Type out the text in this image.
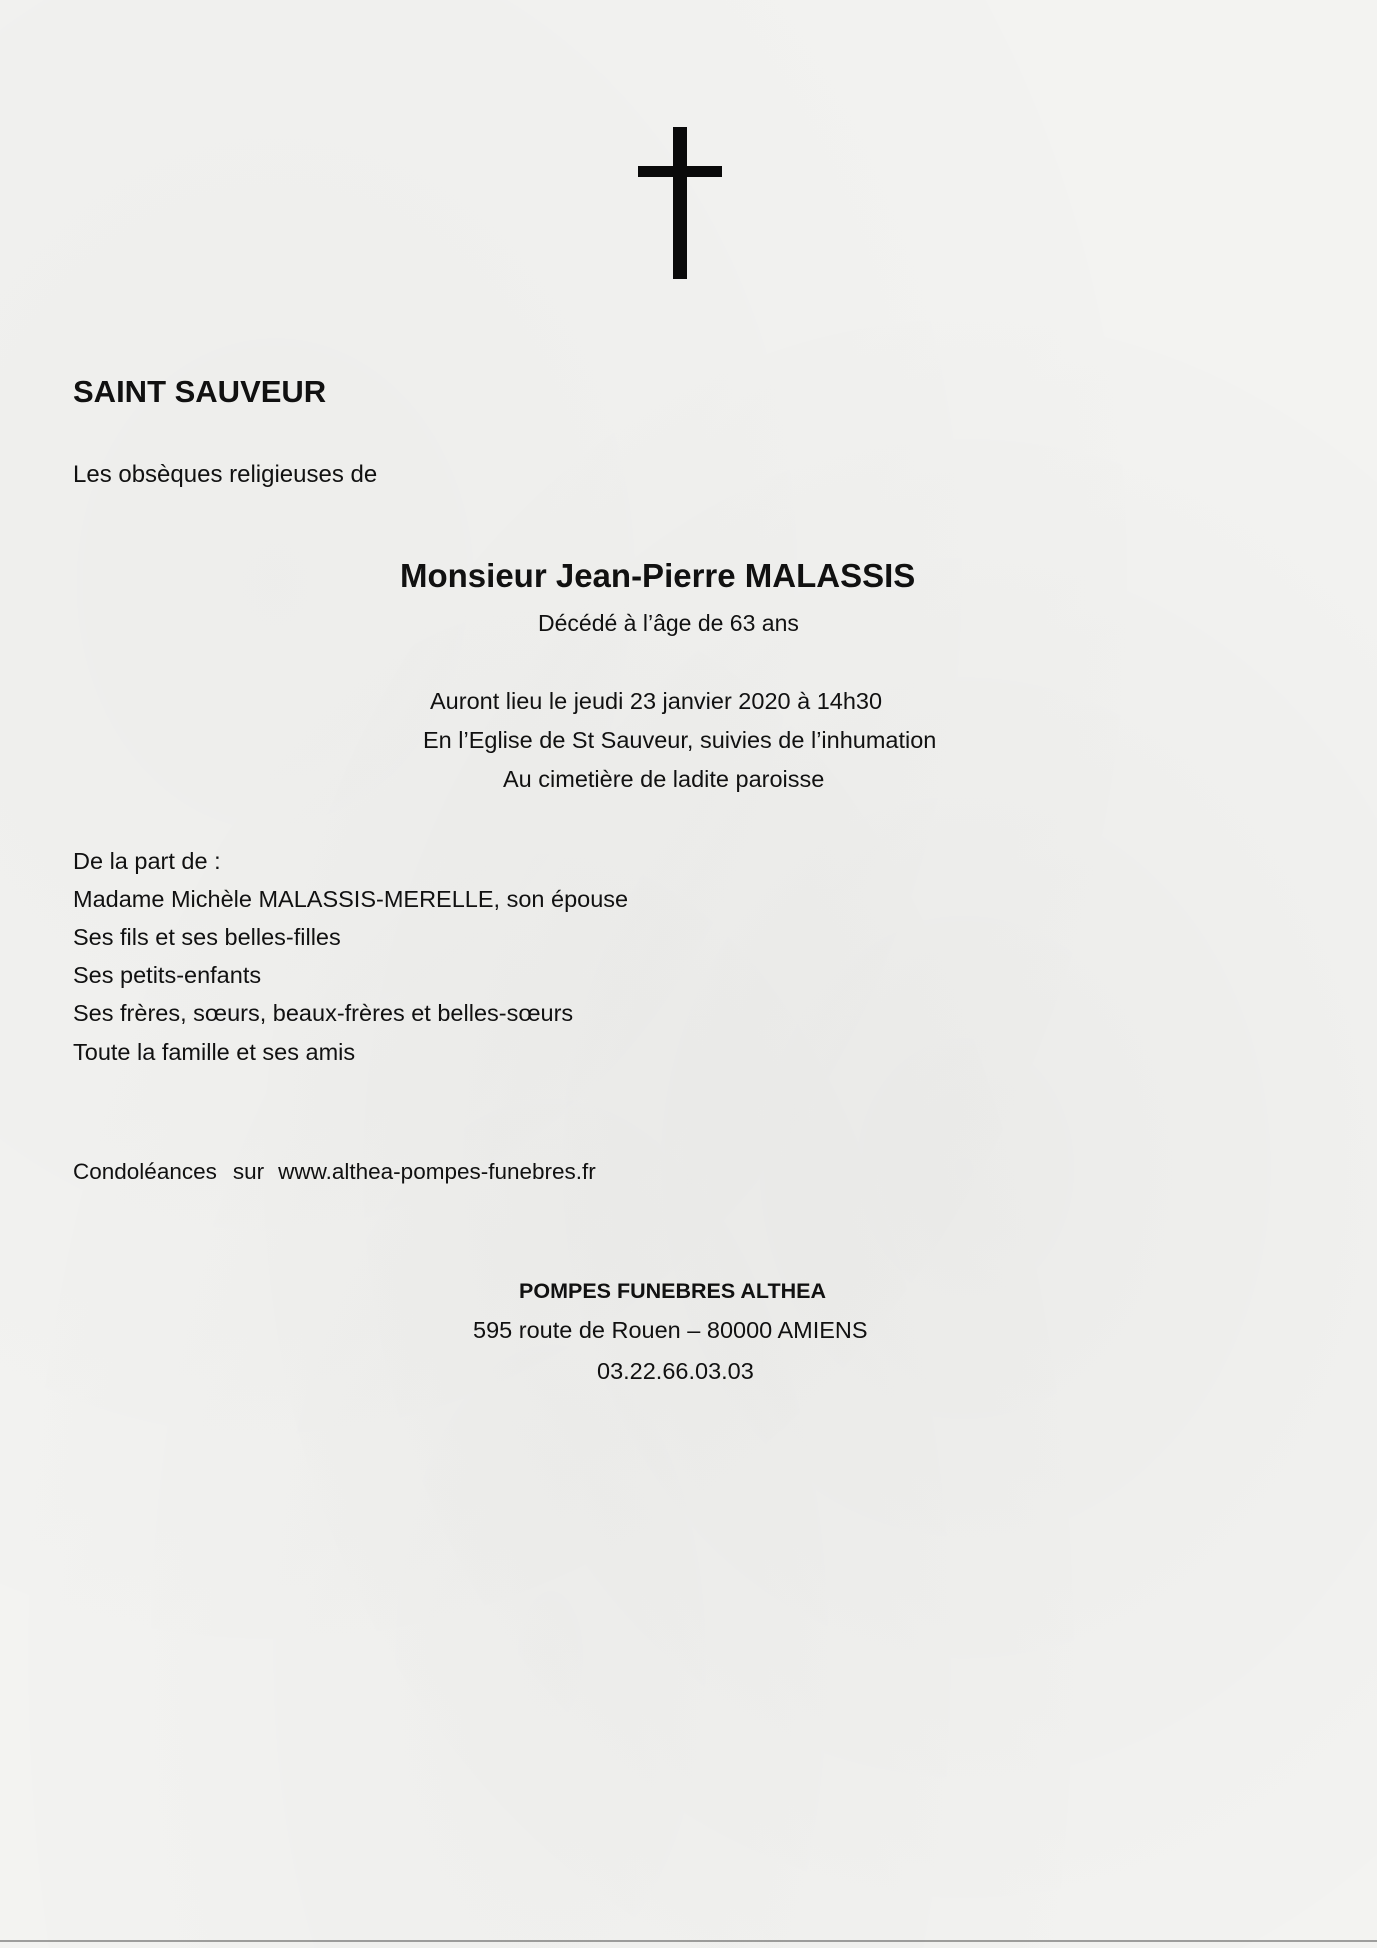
SAINT SAUVEUR
Les obsèques religieuses de
Monsieur Jean-Pierre MALASSIS
Décédé à l’âge de 63 ans
Auront lieu le jeudi 23 janvier 2020 à 14h30
En l’Eglise de St Sauveur, suivies de l’inhumation
Au cimetière de ladite paroisse
De la part de :
Madame Michèle MALASSIS-MERELLE, son épouse
Ses fils et ses belles-filles
Ses petits-enfants
Ses frères, sœurs, beaux-frères et belles-sœurs
Toute la famille et ses amis
Condoléances sur www.althea-pompes-funebres.fr
POMPES FUNEBRES ALTHEA
595 route de Rouen – 80000 AMIENS
03.22.66.03.03
